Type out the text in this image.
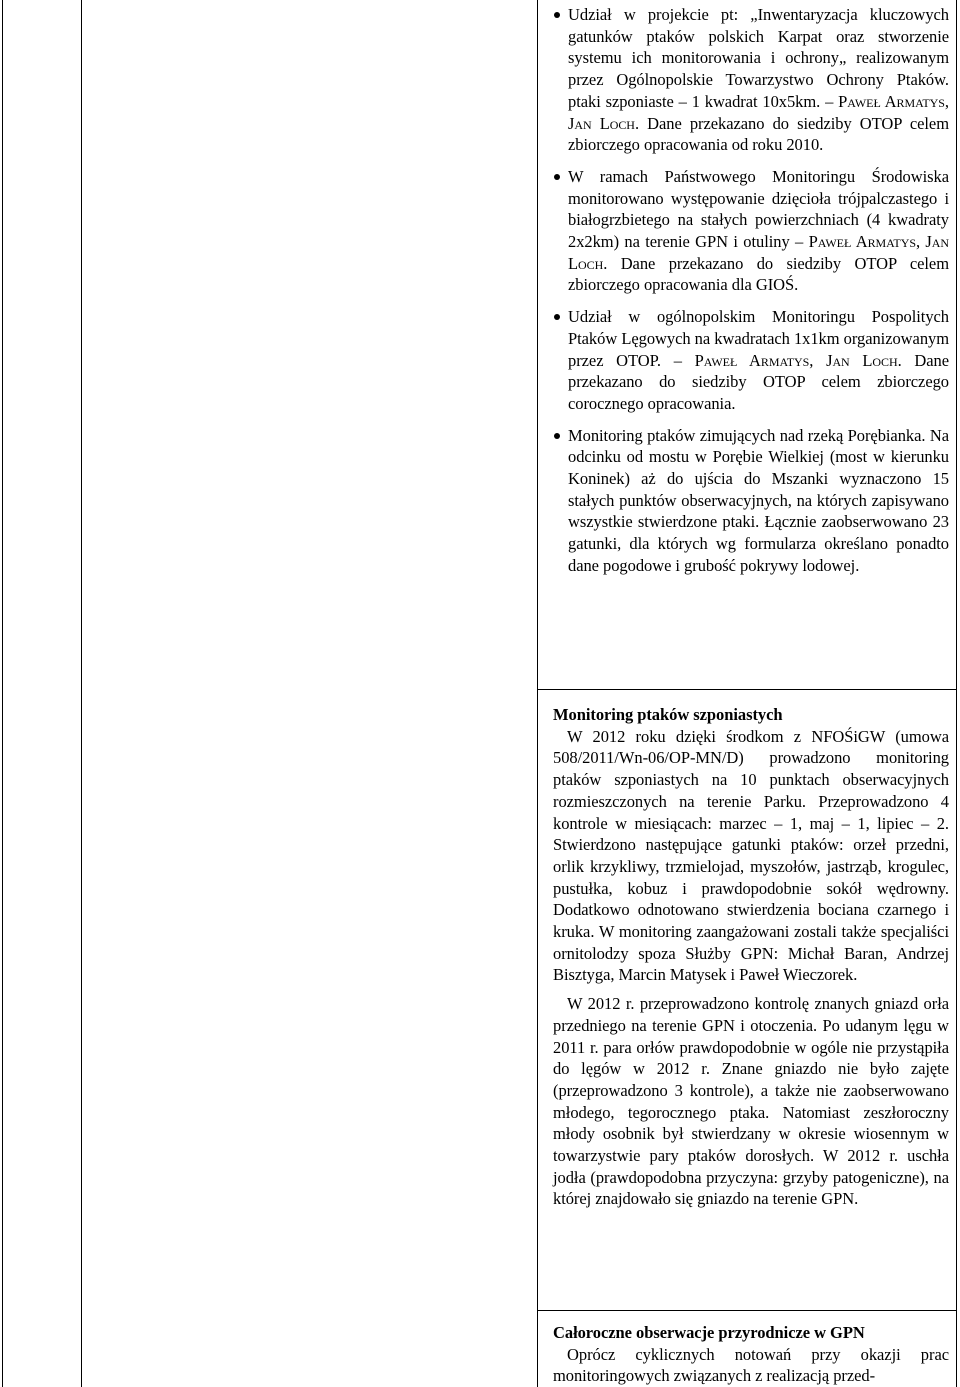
Udział w projekcie pt: „Inwentaryzacja kluczowych gatunków ptaków polskich Karpat oraz stworzenie systemu ich monitorowania i ochrony„ realizowanym przez Ogólnopolskie Towarzystwo Ochrony Ptaków. ptaki szponiaste – 1 kwadrat 10x5km. – Paweł Armatys, Jan Loch. Dane przekazano do siedziby OTOP celem zbiorczego opracowania od roku 2010.
W ramach Państwowego Monitoringu Środowiska monitorowano występowanie dzięcioła trójpalczastego i białogrzbietego na stałych powierzchniach (4 kwadraty 2x2km) na terenie GPN i otuliny – Paweł Armatys, Jan Loch. Dane przekazano do siedziby OTOP celem zbiorczego opracowania dla GIOŚ.
Udział w ogólnopolskim Monitoringu Pospolitych Ptaków Lęgowych na kwadratach 1x1km organizowanym przez OTOP. – Paweł Armatys, Jan Loch. Dane przekazano do siedziby OTOP celem zbiorczego corocznego opracowania.
Monitoring ptaków zimujących nad rzeką Porębianka. Na odcinku od mostu w Porębie Wielkiej (most w kierunku Koninek) aż do ujścia do Mszanki wyznaczono 15 stałych punktów obserwacyjnych, na których zapisywano wszystkie stwierdzone ptaki. Łącznie zaobserwowano 23 gatunki, dla których wg formularza określano ponadto dane pogodowe i grubość pokrywy lodowej.

Monitoring ptaków szponiastych

W 2012 roku dzięki środkom z NFOŚiGW (umowa 508/2011/Wn-06/OP-MN/D) prowadzono monitoring ptaków szponiastych na 10 punktach obserwacyjnych rozmieszczonych na terenie Parku. Przeprowadzono 4 kontrole w miesiącach: marzec – 1, maj – 1, lipiec – 2. Stwierdzono następujące gatunki ptaków: orzeł przedni, orlik krzykliwy, trzmielojad, myszołów, jastrząb, krogulec, pustułka, kobuz i prawdopodobnie sokół wędrowny. Dodatkowo odnotowano stwierdzenia bociana czarnego i kruka. W monitoring zaangażowani zostali także specjaliści ornitolodzy spoza Służby GPN: Michał Baran, Andrzej Bisztyga, Marcin Matysek i Paweł Wieczorek.

W 2012 r. przeprowadzono kontrolę znanych gniazd orła przedniego na terenie GPN i otoczenia. Po udanym lęgu w 2011 r. para orłów prawdopodobnie w ogóle nie przystąpiła do lęgów w 2012 r. Znane gniazdo nie było zajęte (przeprowadzono 3 kontrole), a także nie zaobserwowano młodego, tegorocznego ptaka. Natomiast zeszłoroczny młody osobnik był stwierdzany w okresie wiosennym w towarzystwie pary ptaków dorosłych. W 2012 r. uschła jodła (prawdopodobna przyczyna: grzyby patogeniczne), na której znajdowało się gniazdo na terenie GPN.

Całoroczne obserwacje przyrodnicze w GPN

Oprócz cyklicznych notowań przy okazji prac monitoringowych związanych z realizacją przed-
